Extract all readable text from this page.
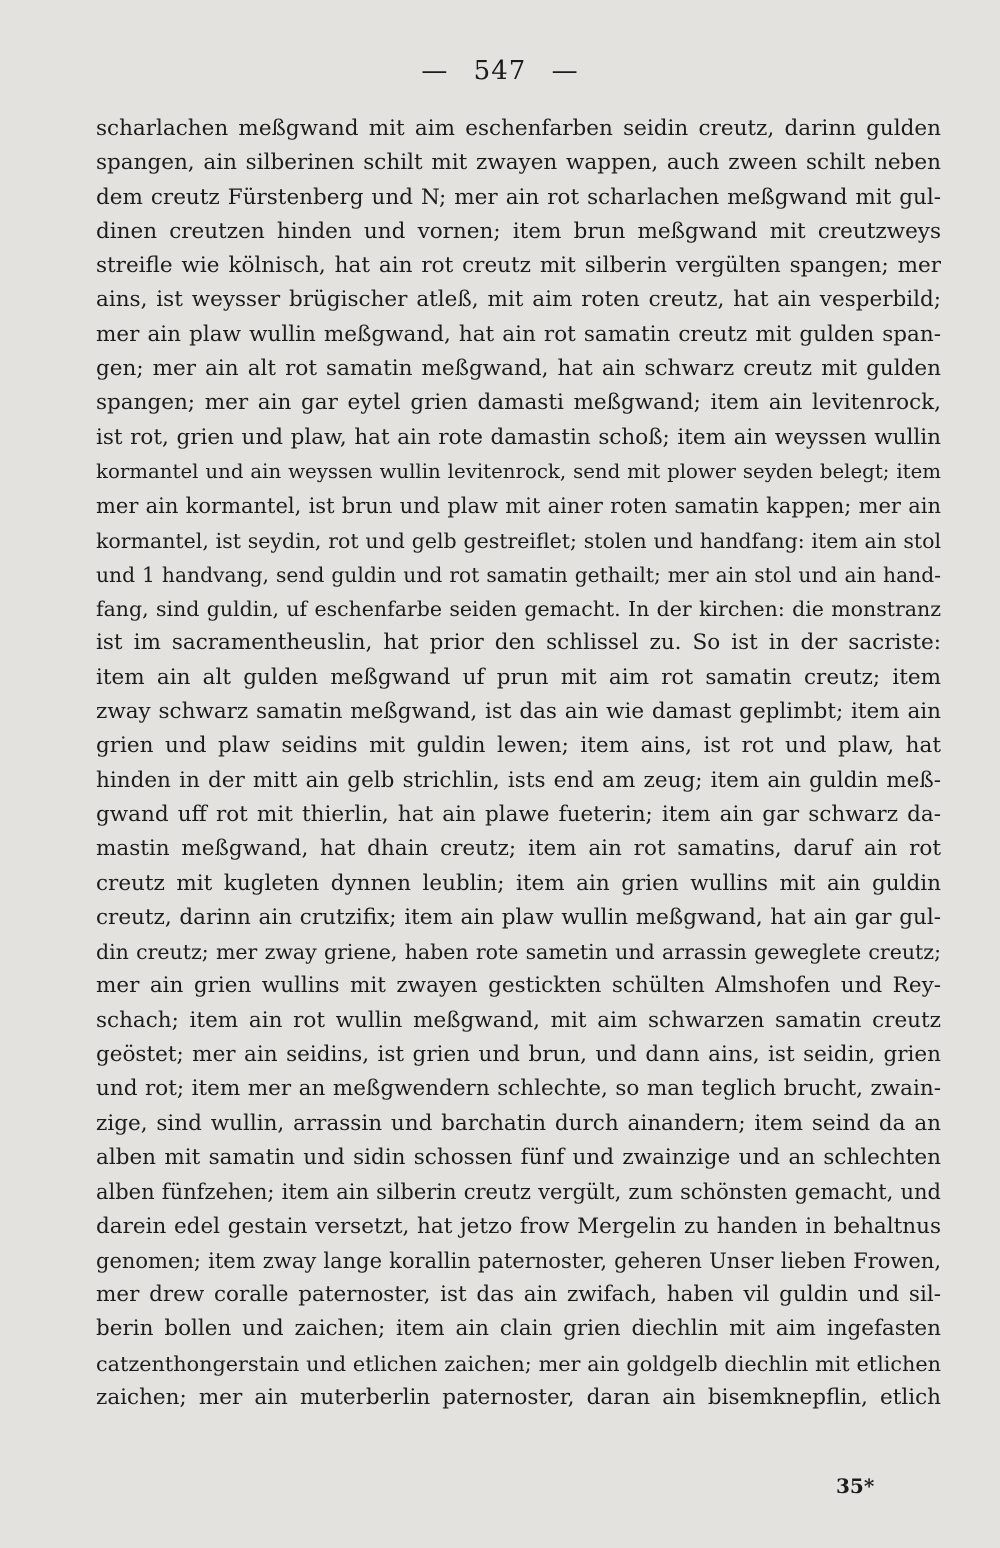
— 547 —
scharlachen meßgwand mit aim eschenfarben seidin creutz, darinn gulden
spangen, ain silberinen schilt mit zwayen wappen, auch zween schilt neben
dem creutz Fürstenberg und N; mer ain rot scharlachen meßgwand mit gul-
dinen creutzen hinden und vornen; item brun meßgwand mit creutzweys
streifle wie kölnisch, hat ain rot creutz mit silberin vergülten spangen; mer
ains, ist weysser brügischer atleß, mit aim roten creutz, hat ain vesperbild;
mer ain plaw wullin meßgwand, hat ain rot samatin creutz mit gulden span-
gen; mer ain alt rot samatin meßgwand, hat ain schwarz creutz mit gulden
spangen; mer ain gar eytel grien damasti meßgwand; item ain levitenrock,
ist rot, grien und plaw, hat ain rote damastin schoß; item ain weyssen wullin
kormantel und ain weyssen wullin levitenrock, send mit plower seyden belegt; item
mer ain kormantel, ist brun und plaw mit ainer roten samatin kappen; mer ain
kormantel, ist seydin, rot und gelb gestreiflet; stolen und handfang: item ain stol
und 1 handvang, send guldin und rot samatin gethailt; mer ain stol und ain hand-
fang, sind guldin, uf eschenfarbe seiden gemacht. In der kirchen: die monstranz
ist im sacramentheuslin, hat prior den schlissel zu. So ist in der sacriste:
item ain alt gulden meßgwand uf prun mit aim rot samatin creutz; item
zway schwarz samatin meßgwand, ist das ain wie damast geplimbt; item ain
grien und plaw seidins mit guldin lewen; item ains, ist rot und plaw, hat
hinden in der mitt ain gelb strichlin, ists end am zeug; item ain guldin meß-
gwand uff rot mit thierlin, hat ain plawe fueterin; item ain gar schwarz da-
mastin meßgwand, hat dhain creutz; item ain rot samatins, daruf ain rot
creutz mit kugleten dynnen leublin; item ain grien wullins mit ain guldin
creutz, darinn ain crutzifix; item ain plaw wullin meßgwand, hat ain gar gul-
din creutz; mer zway griene, haben rote sametin und arrassin geweglete creutz;
mer ain grien wullins mit zwayen gestickten schülten Almshofen und Rey-
schach; item ain rot wullin meßgwand, mit aim schwarzen samatin creutz
geöstet; mer ain seidins, ist grien und brun, und dann ains, ist seidin, grien
und rot; item mer an meßgwendern schlechte, so man teglich brucht, zwain-
zige, sind wullin, arrassin und barchatin durch ainandern; item seind da an
alben mit samatin und sidin schossen fünf und zwainzige und an schlechten
alben fünfzehen; item ain silberin creutz vergült, zum schönsten gemacht, und
darein edel gestain versetzt, hat jetzo frow Mergelin zu handen in behaltnus
genomen; item zway lange korallin paternoster, geheren Unser lieben Frowen,
mer drew coralle paternoster, ist das ain zwifach, haben vil guldin und sil-
berin bollen und zaichen; item ain clain grien diechlin mit aim ingefasten
catzenthongerstain und etlichen zaichen; mer ain goldgelb diechlin mit etlichen
zaichen; mer ain muterberlin paternoster, daran ain bisemknepflin, etlich
35*
